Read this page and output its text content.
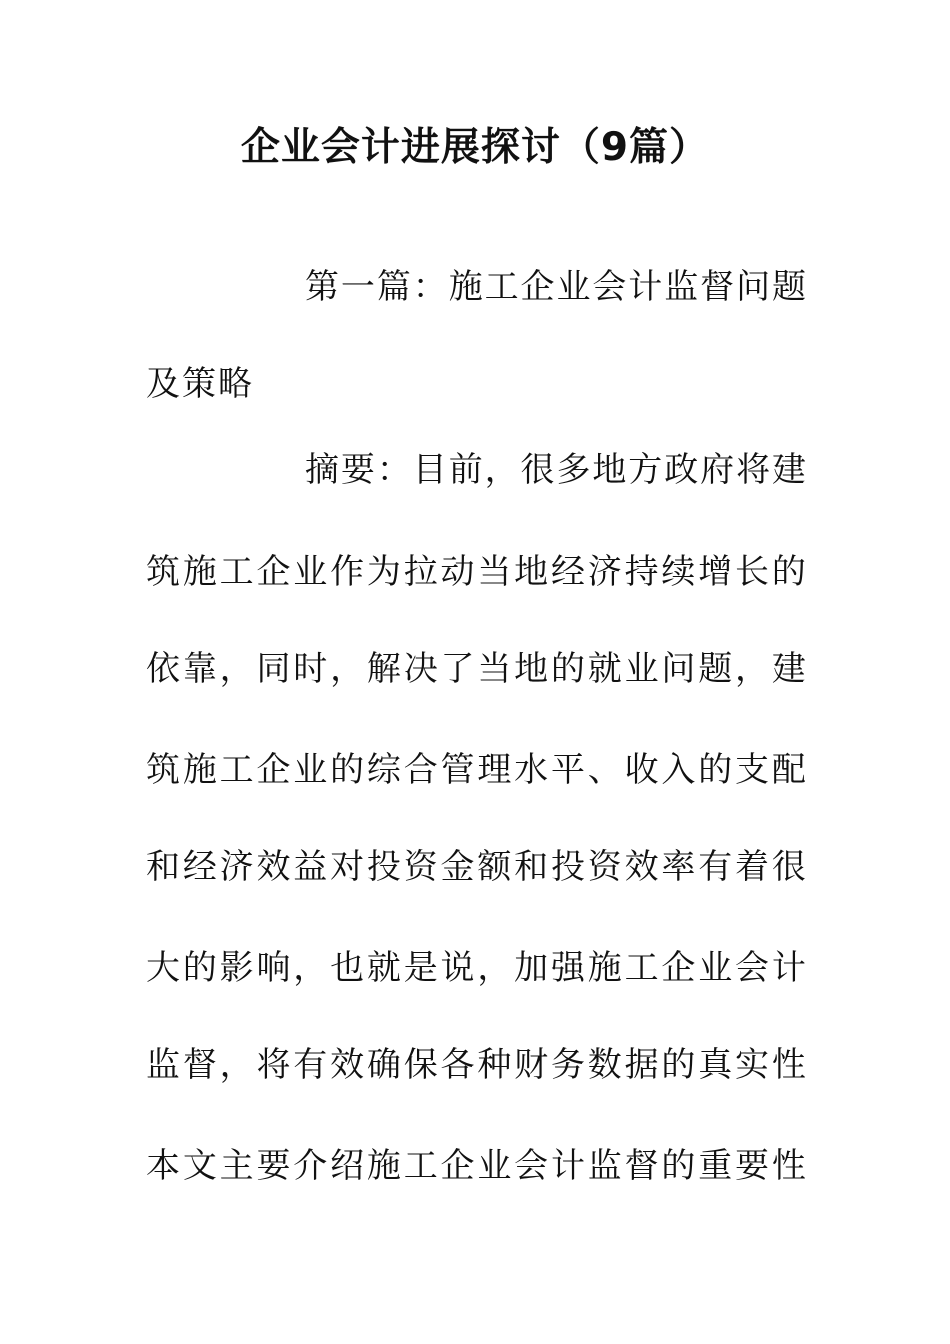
企业会计进展探讨（9篇）
第 一 篇 ： 施 工 企 业 会 计 监 督 问 题
及策略
摘 要 ： 目 前 ， 很 多 地 方 政 府 将 建
筑 施 工 企 业 作 为 拉 动 当 地 经 济 持 续 增 长 的
依 靠 ， 同 时 ， 解 决 了 当 地 的 就 业 问 题 ， 建
筑 施 工 企 业 的 综 合 管 理 水 平 、 收 入 的 支 配
和 经 济 效 益 对 投 资 金 额 和 投 资 效 率 有 着 很
大 的 影 响 ， 也 就 是 说 ， 加 强 施 工 企 业 会 计
监 督 ， 将 有 效 确 保 各 种 财 务 数 据 的 真 实 性
本 文 主 要 介 绍 施 工 企 业 会 计 监 督 的 重 要 性
